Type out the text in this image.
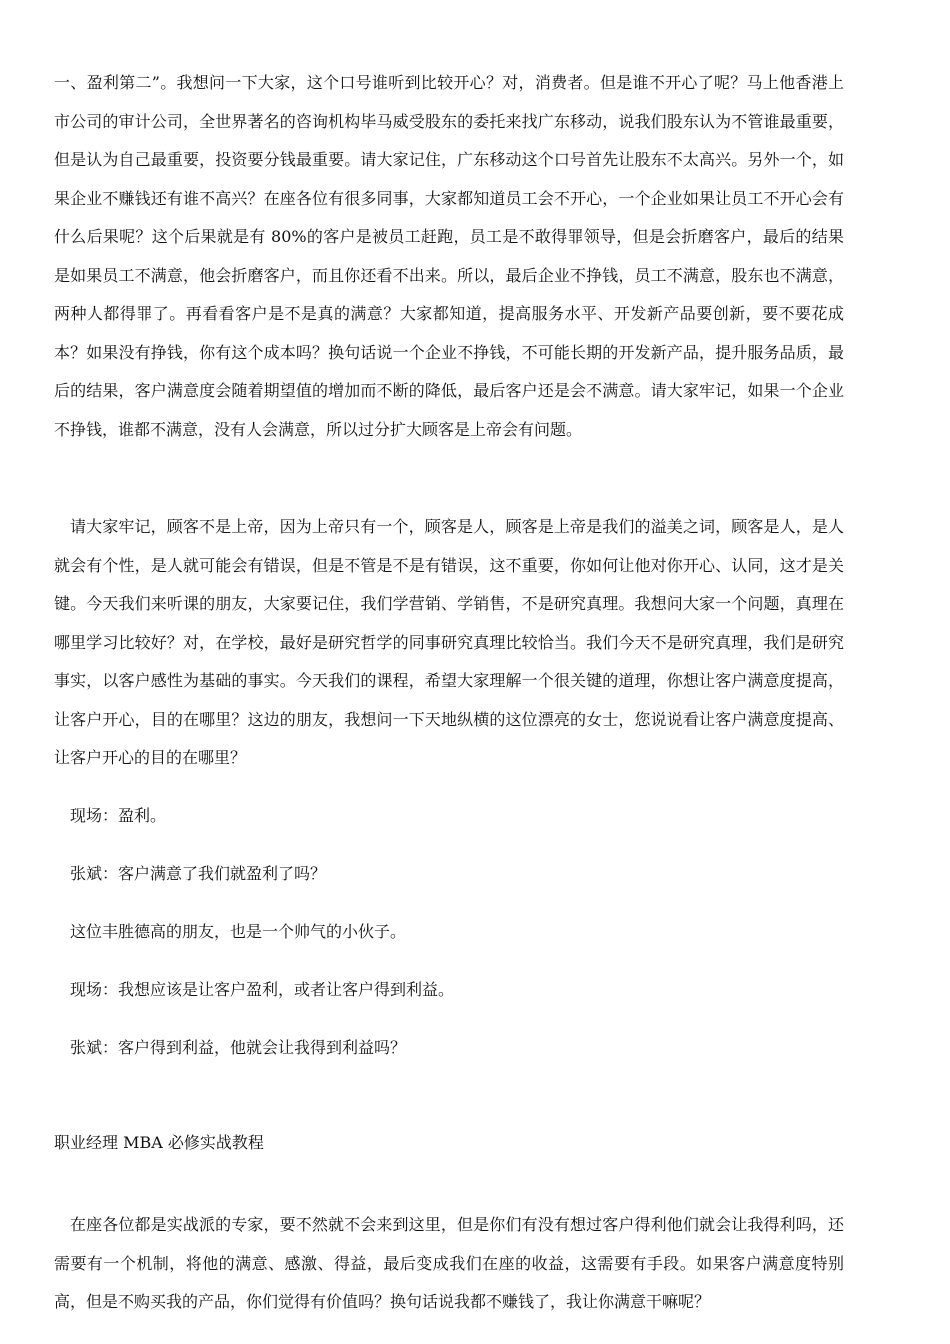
一、盈利第二”。我想问一下大家，这个口号谁听到比较开心？对，消费者。但是谁不开心了呢？马上他香港上市公司的审计公司，全世界著名的咨询机构毕马威受股东的委托来找广东移动，说我们股东认为不管谁最重要，但是认为自己最重要，投资要分钱最重要。请大家记住，广东移动这个口号首先让股东不太高兴。另外一个，如果企业不赚钱还有谁不高兴？在座各位有很多同事，大家都知道员工会不开心，一个企业如果让员工不开心会有什么后果呢？这个后果就是有 80%的客户是被员工赶跑，员工是不敢得罪领导，但是会折磨客户，最后的结果是如果员工不满意，他会折磨客户，而且你还看不出来。所以，最后企业不挣钱，员工不满意，股东也不满意，两种人都得罪了。再看看客户是不是真的满意？大家都知道，提高服务水平、开发新产品要创新，要不要花成本？如果没有挣钱，你有这个成本吗？换句话说一个企业不挣钱，不可能长期的开发新产品，提升服务品质，最后的结果，客户满意度会随着期望值的增加而不断的降低，最后客户还是会不满意。请大家牢记，如果一个企业不挣钱，谁都不满意，没有人会满意，所以过分扩大顾客是上帝会有问题。

请大家牢记，顾客不是上帝，因为上帝只有一个，顾客是人，顾客是上帝是我们的溢美之词，顾客是人，是人就会有个性，是人就可能会有错误，但是不管是不是有错误，这不重要，你如何让他对你开心、认同，这才是关键。今天我们来听课的朋友，大家要记住，我们学营销、学销售，不是研究真理。我想问大家一个问题，真理在哪里学习比较好？对，在学校，最好是研究哲学的同事研究真理比较恰当。我们今天不是研究真理，我们是研究事实，以客户感性为基础的事实。今天我们的课程，希望大家理解一个很关键的道理，你想让客户满意度提高，让客户开心，目的在哪里？这边的朋友，我想问一下天地纵横的这位漂亮的女士，您说说看让客户满意度提高、让客户开心的目的在哪里？

现场：盈利。

张斌：客户满意了我们就盈利了吗？

这位丰胜德高的朋友，也是一个帅气的小伙子。

现场：我想应该是让客户盈利，或者让客户得到利益。

张斌：客户得到利益，他就会让我得到利益吗？

职业经理 MBA 必修实战教程

在座各位都是实战派的专家，要不然就不会来到这里，但是你们有没有想过客户得利他们就会让我得利吗，还需要有一个机制，将他的满意、感激、得益，最后变成我们在座的收益，这需要有手段。如果客户满意度特别高，但是不购买我的产品，你们觉得有价值吗？换句话说我都不赚钱了，我让你满意干嘛呢？
